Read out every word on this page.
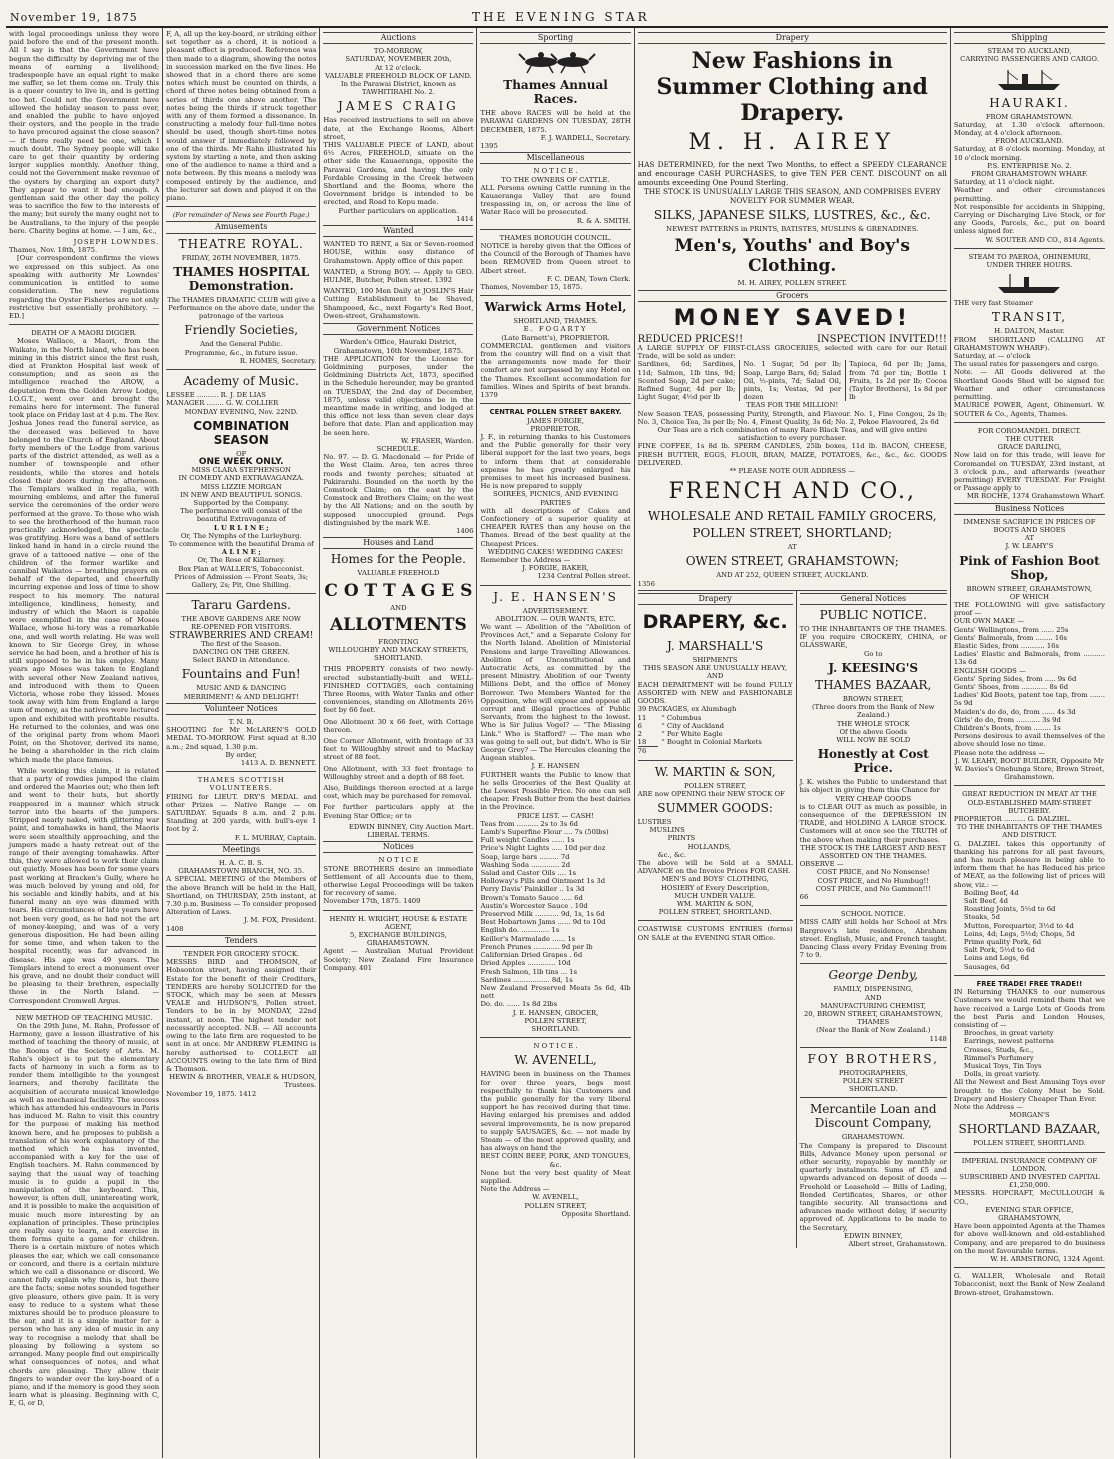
November 19, 1875	THE EVENING STAR

with legal proceedings unless they were paid before the end of the present month. All I say is that the Government have begun the difficulty by depriving me of the means of earning a livelihood; tradespeople have an equal right to make me suffer, so let them come on. Truly this is a queer country to live in, and is getting too hot. Could not the Government have allowed the holiday season to pass over, and enabled the public to have enjoyed their oysters, and the people in the trade to have procured against the close season? — if there really need be one, which I much doubt. The Sydney people will take care to get their quantity by ordering larger supplies monthly. Another thing, could not the Government make revenue of the oysters by charging an export duty? They appear to want it bad enough. A gentleman said the other day the policy was to sacrifice the few to the interests of the many; but surely the many ought not to be Australians, to the injury of the people here. Charity begins at home. — I am, &c.,

JOSEPH LOWNDES.
Thames, Nov. 18th, 1875.

[Our correspondent confirms the views we expressed on this subject. As one speaking with authority Mr Lowndes' communication is entitled to some consideration. The new regulations regarding the Oyster Fisheries are not only restrictive but essentially prohibitory. — ED.]

DEATH OF A MAORI DIGGER.

Moses Wallace, a Maori, from the Waikato, in the North Island, who has been mining in this district since the first rush, died at Frankton Hospital last week of consumption; and as soon as the intelligence reached the AROW, a deputation from the Golden Arrow Lodge, I.O.G.T., went over and brought the remains here for interment. The funeral took place on Friday last at 4 p.m. The Rev. Joshua Jones read the funeral service, as the deceased was believed to have belonged to the Church of England. About forty members of the Lodge from various parts of the district attended, as well as a number of townspeople and other residents, while the stores and hotels closed their doors during the afternoon. The Templars walked in regalia, with mourning emblems, and after the funeral service the ceremonies of the order were performed at the grave. To those who wish to see the brotherhood of the human race practically acknowledged, the spectacle was gratifying. Here was a band of settlers linked hand in hand in a circle round the grave of a tattooed native — one of the children of the former warlike and cannibal Waikatos — breathing prayers on behalf of the departed, and cheerfully incurring expense and loss of time to show respect to his memory. The natural intelligence, kindliness, honesty, and industry of which the Maori is capable were exemplified in the case of Moses Wallace, whose hi-tory was a remarkable one, and well worth relating. He was well known to Sir George Grey, in whose service he had been, and a brother of his is still supposed to be in his employ. Many years ago Moses was taken to England with several other New Zealand natives, and introduced with them to Queen Victoria, whose robe they kissed. Moses took away with him from England a large sum of money, as the natives were lectured upon and exhibited with profitable results. He returned to the colonies, and was one of the original party from whom Maori Point, on the Shotover, derived its name, he being a shareholder in the rich claim which made the place famous.

While working this claim, it is related that a party of rowdies jumped the claim and ordered the Maories out; who then left and went to their huts, but shortly reappeared in a manner which struck terror into the hearts of the jumpers. Stripped nearly naked, with glittering war paint, and tomahawks in hand, the Maoris were seen stealthily approaching, and the jumpers made a hasty retreat out of the range of their avenging tomahawks. After this, they were allowed to work their claim out quietly. Moses has been for some years past working at Bracken's Gully, where he was much beloved by young and old, for his sociable and kindly habits, and at his funeral many an eye was dimmed with tears. His circumstances of late years have not been very good, as he had not the art of money-keeping, and was of a very generous disposition. He had been ailing for some time, and when taken to the hospital recently, was far advanced in disease. His age was 49 years. The Templars intend to erect a monument over his grave, and no doubt their conduct will be pleasing to their brethren, especially those in the North Island. — Correspondent Cromwell Argus.

NEW METHOD OF TEACHING MUSIC.

On the 29th June, M. Rahn, Professor of Harmony, gave a lesson illustrative of his method of teaching the theory of music, at the Rooms of the Society of Arts. M. Rahn's object is to put the elementary facts of harmony in such a form as to render them intelligible to the youngest learners, and thereby facilitate the acquisition of accurate musical knowledge as well as mechanical facility. The success which has attended his endeavours in Paris has induced M. Rahn to visit this country for the purpose of making his method known here, and he proposes to publish a translation of his work explanatory of the method which he has invented, accompanied with a key for the use of English teachers. M. Rahn commenced by saying that the usual way of teaching music is to guide a pupil in the manipulation of the keyboard. This, however, is often dull, uninteresting work, and it is possible to make the acquisition of music much more interesting by an explanation of principles. These principles are really easy to learn, and exercise in them forms quite a game for children. There is a certain mixture of notes which pleases the ear, which we call consonance or concord, and there is a certain mixture which we call a dissonance or discord. We cannot fully explain why this is, but there are the facts; some notes sounded together give pleasure, others give pain. It is very easy to reduce to a system what these mixtures should be to produce pleasure to the ear, and it is a simple matter for a person who has any idea of music in any way to recognise a melody that shall be pleasing by following a system so arranged. Many people find out empirically what consequences of notes, and what chords are pleasing. They allow their fingers to wander over the key-board of a piano, and if the memory is good they soon learn what is pleasing. Beginning with C, E, G, or D,

F, A, all up the key-board, or striking either set together as a chord, it is noticed a pleasant effect is produced. Reference was then made to a diagram, showing the notes in succession marked on the five lines. He showed that in a chord there are some notes which must be counted on thirds, a chord of three notes being obtained from a series of thirds one above another. The notes being the thirds if struck together with any of them formed a dissonance. In constructing a melody four full-time notes should be used, though short-time notes would answer if immediately followed by one of the thirds. Mr Rahn illustrated his system by starting a note, and then asking one of the audience to name a third and a note between. By this means a melody was composed entirely by the audience, and the lecturer sat down and played it on the piano.

(For remainder of News see Fourth Page.)
Amusements
THEATRE ROYAL.
FRIDAY, 26TH NOVEMBER, 1875.
THAMES HOSPITAL Demonstration.
The THAMES DRAMATIC CLUB will give a Performance on the above date, under the patronage of the various
Friendly Societies,
And the General Public.
Programme, &c., in future issue.
R. HOMES, Secretary.
Academy of Music.
LESSEE .......... R. J. DE LIAS
MANAGER ........ G. W. COLLIER
MONDAY EVENING, Nov. 22ND.
COMBINATION SEASON
OF
ONE WEEK ONLY.
MISS CLARA STEPHENSON
IN COMEDY AND EXTRAVAGANZA.
MISS LIZZIE MORGAN
IN NEW AND BEAUTIFUL SONGS.
Supported by the Company.
The performance will consist of the beautiful Extravaganza of
L U R L I N E ;
Or, The Nymphs of the Lurleyburg.
To commence with the beautiful Drama of
A L I N E ;
Or, The Rose of Killarney.
Box Plan at WALLER'S, Tobacconist.
Prices of Admission — Front Seats, 3s; Gallery, 2s; Pit, One Shilling.
Tararu Gardens.
THE ABOVE GARDENS ARE NOW
RE-OPENED FOR VISITORS.
STRAWBERRIES AND CREAM!
The first of the Season.
DANCING ON THE GREEN.
Select BAND in Attendance.
Fountains and Fun!
MUSIC AND & DANCING
MERRIMENT! & AND DELIGHT!
Volunteer Notices
T. N. B.
SHOOTING for Mr McLAREN'S GOLD MEDAL TO-MORROW. First squad at 8.30 a.m.; 2nd squad, 1.30 p.m.
By order,
1413 A. D. BENNETT.
THAMES SCOTTISH VOLUNTEERS.
FIRING for LIEUT. DRY'S MEDAL and other Prizes — Native Range — on SATURDAY. Squads 8 a.m. and 2 p.m. Standing at 200 yards, with bull's-eye 1 foot by 2.
F. L. MURRAY, Captain.
Meetings
H. A. C. B. S.
GRAHAMSTOWN BRANCH, NO. 35.
A SPECIAL MEETING of the Members of the above Branch will be held in the Hall, Shortland, on THURSDAY, 25th instant, at 7.30 p.m. Business — To consider proposed Alteration of Laws.
J. M. FOX, President.
1408
Tenders
TENDER FOR GROCERY STOCK.
MESSRS BIRD and THOMSON, of Hobsonton street, having assigned their Estate for the benefit of their Creditors, TENDERS are hereby SOLICITED for the STOCK, which may be seen at Messrs VEALE and HUDSON'S, Pollen street. Tenders to be in by MONDAY, 22nd instant, at noon. The highest tender not necessarily accepted. N.B. — All accounts owing to the late firm are requested to be sent in at once. Mr ANDREW FLEMING is hereby authorised to COLLECT all ACCOUNTS owing to the late firm of Bird & Thomson.
HEWIN & BROTHER, VEALE & HUDSON, Trustees.
November 19, 1875. 1412
Auctions
TO-MORROW,
SATURDAY, NOVEMBER 20th,
At 12 o'clock.
VALUABLE FREEHOLD BLOCK OF LAND.
In the Parawai District, known as TAWHITIRAHI No. 2.
JAMES CRAIG
Has received instructions to sell on above date, at the Exchange Rooms, Albert street,
THIS VALUABLE PIECE of LAND, about 6½ Acres, FREEHOLD, situate on the other side the Kauaeranga, opposite the Parawai Gardens, and having the only Fordable Crossing in the Creek between Shortland and the Booms, where the Government bridge is intended to be erected, and Road to Kopu made.
Further particulars on application.
1414
Wanted
WANTED TO RENT, a Six or Seven-roomed HOUSE, within easy distance of Grahamstown. Apply office of this paper.
WANTED, a Strong BOY. — Apply to GEO. HULME, Butcher, Pollen street. 1392
WANTED, 100 Men Daily at JOSLIN'S Hair Cutting Establishment to be Shaved, Shampooed, &c., next Fogarty's Red Boot, Owen-street, Grahamstown.
Government Notices
Warden's Office, Hauraki District, Grahamstown, 16th November, 1875.
THE APPLICATION for the License for Goldmining purposes, under the Goldmining Districts Act, 1873, specified in the Schedule hereunder, may be granted on TUESDAY, the 2nd day of December, 1875, unless valid objections be in the meantime made in writing, and lodged at this office not less than seven clear days before that date. Plan and application may be seen here.
W. FRASER, Warden.
SCHEDULE.
No. 97. — D. G. Macdonald — for Pride of the West Claim. Area, ten acres three roods and twenty perches; situated at Pakirarahi. Bounded on the north by the Comstock Claim; on the east by the Comstock and Brothers Claim; on the west by the All Nations; and on the south by supposed unoccupied ground. Pegs distinguished by the mark W.E.
1406
Houses and Land
Homes for the People.
VALUABLE FREEHOLD
C O T T A G E S
AND
ALLOTMENTS
FRONTING
WILLOUGHBY AND MACKAY STREETS, SHORTLAND.
THIS PROPERTY consists of two newly-erected substantially-built and WELL-FINISHED COTTAGES, each containing Three Rooms, with Water Tanks and other conveniences, standing on Allotments 26½ feet by 66 feet.
One Allotment 30 x 66 feet, with Cottage thereon.
One Corner Allotment, with frontage of 33 feet to Willoughby street and to Mackay street of 88 feet.
One Allotment, with 33 feet frontage to Willoughby street and a depth of 88 feet.
Also, Buildings thereon erected at a large cost, which may be purchased for removal.
For further particulars apply at the Evening Star Office; or to
EDWIN BINNEY, City Auction Mart.
LIBERAL TERMS.
Notices
N O T I C E
STONE BROTHERS desire an immediate Settlement of all Accounts due to them, otherwise Legal Proceedings will be taken for recovery of same.
November 17th, 1875. 1409
HENRY H. WRIGHT, HOUSE & ESTATE AGENT,
5, EXCHANGE BUILDINGS,
GRAHAMSTOWN.
Agent — Australian Mutual Provident Society; New Zealand Fire Insurance Company. 401
Sporting
Thames Annual Races.
THE above RACES will be held at the PARAWAI GARDENS ON TUESDAY, 28TH DECEMBER, 1875.
F. J. WARDELL, Secretary.
1395
Miscellaneous
N O T I C E .
TO THE OWNERS OF CATTLE.
ALL Persons owning Cattle running in the Kauaeranga Valley that are found trespassing in, on, or across the line of Water Race will be prosecuted.
R. & A. SMITH.
THAMES BOROUGH COUNCIL.
NOTICE is hereby given that the Offices of the Council of the Borough of Thames have been REMOVED from Queen street to Albert street.
F. C. DEAN, Town Clerk.
Thames, November 15, 1875.
Warwick Arms Hotel,
SHORTLAND, THAMES.
E. FOGARTY
(Late Barnett's), PROPRIETOR.
COMMERCIAL gentlemen and visitors from the country will find on a visit that the arrangements now made for their comfort are not surpassed by any Hotel on the Thames. Excellent accommodation for families. Wines and Spirits of best brands. 1379
CENTRAL POLLEN STREET BAKERY.
JAMES FORGIE,
PROPRIETOR.
J. F., in returning thanks to his Customers and the Public generally for their very liberal support for the last two years, begs to inform them that at considerable expense he has greatly enlarged his premises to meet his increased business. He is now prepared to supply
SOIREES, PICNICS, AND EVENING PARTIES
with all descriptions of Cakes and Confectionery of a superior quality at CHEAPER RATES than any house on the Thames. Bread of the best quality at the Cheapest Prices.
WEDDING CAKES! WEDDING CAKES!
Remember the Address —
J. FORGIE, BAKER,
1234 Central Pollen street.
J. E. HANSEN'S
ADVERTISEMENT.
ABOLITION. — OUR WANTS, ETC.
We want — Abolition of the "Abolition of Provinces Act," and a Separate Colony for the North Island. Abolition of Ministerial Pensions and large Travelling Allowances. Abolition of Unconstitutional and Autocratic Acts, as committed by the present Ministry. Abolition of our Twenty Millions Debt, and the office of Money Borrower. Two Members Wanted for the Opposition, who will expose and oppose all corrupt and illegal practices of Public Servants, from the highest to the lowest. Who is Sir Julius Vogel? — "The Missing Link." Who is Stafford? — The man who was going to sell out, but didn't. Who is Sir George Grey? — The Hercules cleaning the Augean stables.
J. E. HANSEN
FURTHER wants the Public to know that he sells Groceries of the Best Quality at the Lowest Possible Price. No one can sell cheaper. Fresh Butter from the best dairies in the Province.
PRICE LIST. — CASH!
Teas from .......... 2s to 3s 6d
Lamb's Superfine Flour .... 7s (50lbs)
Full weight Candles ...... 1s
Price's Night Lights ..... 10d per doz
Soap, large bars ......... 7d
Washing Soda ............. 2d
Salad and Castor Oils .... 1s
Holloway's Pills and Ointment 1s 3d
Perry Davis' Painkiller .. 1s 3d
Brown's Tomato Sauce ..... 6d
Austin's Worcester Sauce . 10d
Preserved Milk ........... 9d, 1s, 1s 6d
Best Hobartown Jams ...... 9d to 10d
English do. ............. 1s
Keiller's Marmalade ...... 1s
French Prunes ............ 9d per lb
Californian Dried Grapes . 6d
Dried Apples ............. 10d
Fresh Salmon, 1lb tins ... 1s
Sardines ................. 8d, 1s
New Zealand Preserved Meats 5s 6d, 4lb nett
Do. do. ...... 1s 8d 2lbs
J. E. HANSEN, GROCER,
POLLEN STREET,
SHORTLAND.
N O T I C E .
W. AVENELL,
HAVING been in business on the Thames for over three years, begs most respectfully to thank his Customers and the public generally for the very liberal support he has received during that time. Having enlarged his premises and added several improvements, he is now prepared to supply SAUSAGES, &c. — not made by Steam — of the most approved quality, and has always on hand the
BEST CORN BEEF, PORK, AND TONGUES, &c.
None but the very best quality of Meat supplied.
Note the Address —
W. AVENELL,
POLLEN STREET,
Opposite Shortland.
Drapery
New Fashions in Summer Clothing and Drapery.
M. H. AIREY
HAS DETERMINED, for the next Two Months, to effect a SPEEDY CLEARANCE and encourage CASH PURCHASES, to give TEN PER CENT. DISCOUNT on all amounts exceeding One Pound Sterling.
THE STOCK IS UNUSUALLY LARGE THIS SEASON, AND COMPRISES EVERY NOVELTY FOR SUMMER WEAR.
SILKS, JAPANESE SILKS, LUSTRES, &c., &c.
NEWEST PATTERNS in PRINTS, BATISTES, MUSLINS & GRENADINES.
Men's, Youths' and Boy's Clothing.
M. H. AIREY, POLLEN STREET.
Grocers
MONEY SAVED!
REDUCED PRICES!!	INSPECTION INVITED!!!
A LARGE SUPPLY OF FIRST-CLASS GROCERIES, selected with care for our Retail Trade, will be sold as under:
Sardines, 6d; Sardines, 11d; Salmon, 1lb tins, 9d; Scented Soap, 2d per cake; Refined Sugar, 4d per lb; Light Sugar, 4½d per lb
No. 1 Sugar, 5d per lb; Soap, Large Bars, 6d; Salad Oil, ½-pints, 7d; Salad Oil, pints, 1s; Vestas, 9d per dozen
Tapioca, 6d per lb; Jams, from 7d per tin; Bottle 1 Fruits, 1s 2d per lb; Cocoa (Taylor Brothers), 1s 8d per lb
TEAS FOR THE MILLION!
New Season TEAS, possessing Purity, Strength, and Flavour. No. 1, Fine Congou, 2s lb; No. 3, Choice Tea, 3s per lb; No. 4, Finest Quality, 3s 6d; No. 2, Pekoe Flavoured, 2s 6d
Our Teas are a rich combination of many Rare Black Teas, and will give entire satisfaction to every purchaser.
FINE COFFEE, 1s 8d lb. SPERM CANDLES, 25lb boxes, 11d lb. BACON, CHEESE, FRESH BUTTER, EGGS, FLOUR, BRAN, MAIZE, POTATOES, &c., &c., &c. GOODS DELIVERED.
** PLEASE NOTE OUR ADDRESS —
FRENCH AND CO.,
WHOLESALE AND RETAIL FAMILY GROCERS,
POLLEN STREET, SHORTLAND;
AT
OWEN STREET, GRAHAMSTOWN;
AND AT 252, QUEEN STREET, AUCKLAND.
1356
Drapery
DRAPERY, &c.
J. MARSHALL'S
SHIPMENTS
THIS SEASON ARE UNUSUALLY HEAVY, AND
EACH DEPARTMENT will be found FULLY ASSORTED with NEW and FASHIONABLE GOODS.
39 PACKAGES, ex Alumbagh
11	" Columbus
6	" City of Auckland
2	" Per White Eagle
18	" Bought in Colonial Markets
76
W. MARTIN & SON,
POLLEN STREET,
ARE now OPENING their NEW STOCK OF
SUMMER GOODS:
LUSTRES
MUSLINS
PRINTS
HOLLANDS,
&c., &c.
The above will be Sold at a SMALL ADVANCE on the Invoice Prices FOR CASH.
MEN'S and BOYS' CLOTHING,
HOSIERY of Every Description,
MUCH UNDER VALUE.
WM. MARTIN & SON,
POLLEN STREET, SHORTLAND.
COASTWISE CUSTOMS ENTRIES (forms) ON SALE at the EVENING STAR Office.
General Notices
PUBLIC NOTICE.
TO THE INHABITANTS OF THE THAMES.
IF you require CROCKERY, CHINA, or GLASSWARE,
Go to
J. KEESING'S
THAMES BAZAAR,
BROWN STREET,
(Three doors from the Bank of New Zealand.)
THE WHOLE STOCK
Of the above Goods
WILL NOW BE SOLD
Honestly at Cost Price.
J. K. wishes the Public to understand that his object in giving them this Chance for
VERY CHEAP GOODS
is to CLEAR OUT as much as possible, in consequence of the DEPRESSION IN TRADE, and HOLDING A LARGE STOCK. Customers will at once see the TRUTH of the above when making their purchases.
THE STOCK IS THE LARGEST AND BEST ASSORTED ON THE THAMES.
OBSERVE —
COST PRICE, and No Nonsense!
COST PRICE, and No Humbug!!
COST PRICE, and No Gammon!!!
66
SCHOOL NOTICE.
MISS CARY still holds her School at Mrs Bargrove's late residence, Abraham street. English, Music, and French taught. Dancing Class every Friday Evening from 7 to 9.
George Denby,
FAMILY, DISPENSING,
AND
MANUFACTURING CHEMIST,
20, BROWN STREET, GRAHAMSTOWN, THAMES
(Near the Bank of New Zealand.)
1148
FOY BROTHERS,
PHOTOGRAPHERS,
POLLEN STREET
SHORTLAND.
Mercantile Loan and Discount Company,
GRAHAMSTOWN.
The Company is prepared to Discount Bills, Advance Money upon personal or other security, repayable by monthly or quarterly instalments. Sums of £5 and upwards advanced on deposit of deeds — Freehold or Leasehold — Bills of Lading, Bonded Certificates, Shares, or other tangible security. All transactions and advances made without delay, if security approved of. Applications to be made to the Secretary,
EDWIN BINNEY,
Albert street, Grahamstown.
Shipping
STEAM TO AUCKLAND,
CARRYING PASSENGERS AND CARGO.
HAURAKI.
FROM GRAHAMSTOWN.
Saturday, at 1.30 o'clock afternoon. Monday, at 4 o'clock afternoon.
FROM AUCKLAND.
Saturday, at 8 o'clock morning. Monday, at 10 o'clock morning.
P.S. ENTERPRISE No. 2.
FROM GRAHAMSTOWN WHARF.
Saturday, at 11 o'clock night.
Weather and other circumstances permitting.
Not responsible for accidents in Shipping, Carrying or Discharging Live Stock, or for any Goods, Parcels, &c., put on board unless signed for.
W. SOUTER AND CO., 814 Agents.
STEAM TO PAEROA, OHINEMURI, UNDER THREE HOURS.
THE very fast Steamer
TRANSIT,
H. DALTON, Master.
FROM SHORTLAND (CALLING AT GRAHAMSTOWN WHARF).
Saturday, at — o'clock
The usual rates for passengers and cargo.
Note. — All Goods delivered at the Shortland Goods Shed will be signed for. Weather and other circumstances permitting.
MAURICE POWER, Agent, Ohinemuri. W. SOUTER & Co., Agents, Thames.
FOR COROMANDEL DIRECT.
THE CUTTER
GRACE DARLING,
Now laid on for this trade, will leave for Coromandel on TUESDAY, 23rd instant, at 3 o'clock p.m., and afterwards (weather permitting) EVERY TUESDAY. For Freight or Passage apply to
MR ROCHE, 1374 Grahamstown Wharf.
Business Notices
IMMENSE SACRIFICE IN PRICES OF BOOTS AND SHOES
AT
J. W. LEAHY'S
Pink of Fashion Boot Shop,
BROWN STREET, GRAHAMSTOWN,
OF WHICH
THE FOLLOWING will give satisfactory proof —
OUR OWN MAKE —
Gents' Wellingtons, from ...... 25s
Gents' Balmorals, from ........ 16s
Elastic Sides, from ........... 16s
Ladies' Elastic and Balmorals, from .......... 13s 6d
ENGLISH GOODS —
Gents' Spring Sides, from ..... 9s 6d
Gents' Shoes, from ............ 8s 6d
Ladies' Kid Boots, patent toe tap, from ....... 5s 9d
Maiden's do do, do, from ...... 4s 3d
Girls' do do, from ........... 3s 9d
Children's Boots, from ........ 1s
Persons desirous to avail themselves of the above should lose no time.
Please note the address —
J. W. LEAHY, BOOT BUILDER, Opposite Mr W. Davies's Onehunga Store, Brown Street, Grahamstown.
GREAT REDUCTION IN MEAT AT THE OLD-ESTABLISHED MARY-STREET BUTCHERY.
PROPRIETOR .......... G. DALZIEL.
TO THE INHABITANTS OF THE THAMES AND DISTRICT.
G. DALZIEL takes this opportunity of thanking his patrons for all past favours, and has much pleasure in being able to inform them that he has Reduced his price of MEAT, as the following list of prices will show, viz.: —
Boiling Beef, 4d
Salt Beef, 4d
Roasting Joints, 5½d to 6d
Steaks, 5d
Mutton, Forequarter, 3½d to 4d
Loins, 4d; Legs, 5½d; Chops, 5d
Prime quality Pork, 6d
Salt Pork, 5½d to 6d
Loins and Legs, 6d
Sausages, 6d
FREE TRADE! FREE TRADE!!
IN Returning THANKS to our numerous Customers we would remind them that we have received a Large Lots of Goods from the best Paris and London Houses, consisting of —
Brooches, in great variety
Earrings, newest patterns
Crosses, Studs, &c.,
Rimmel's Perfumery
Musical Toys, Tin Toys
Dolls, in great variety.
All the Newest and Best Amusing Toys ever brought to the Colony Must be Sold. Drapery and Hosiery Cheaper Than Ever.
Note the Address —
MORGAN'S
SHORTLAND BAZAAR,
POLLEN STREET, SHORTLAND.
IMPERIAL INSURANCE COMPANY OF LONDON.
SUBSCRIBED AND INVESTED CAPITAL £1,250,000.
MESSRS. HOPCRAFT, McCULLOUGH & CO.,
EVENING STAR OFFICE,
GRAHAMSTOWN,
Have been appointed Agents at the Thames for above well-known and old-established Company, and are prepared to do business on the most favourable terms.
W. H. ARMSTRONG, 1324 Agent.
G. WALLER, Wholesale and Retail Tobacconist, next the Bank of New Zealand Brown-street, Grahamstown.
